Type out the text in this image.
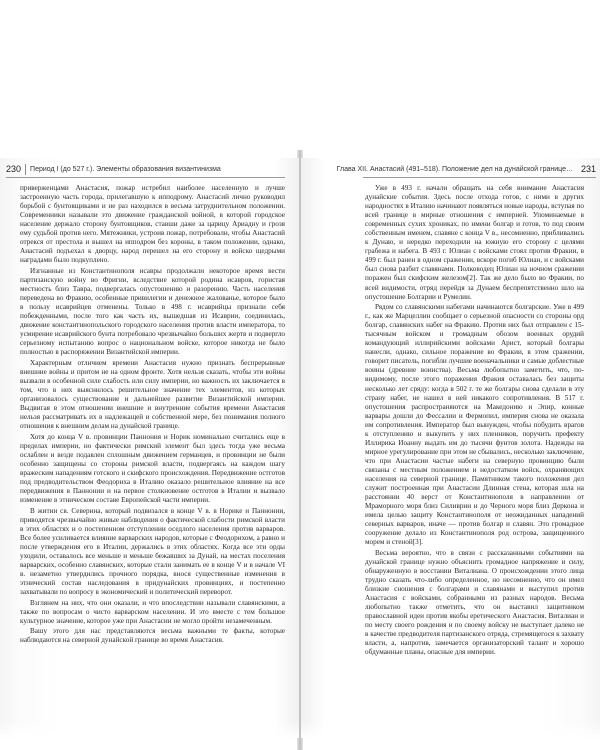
230 Период I (до 527 г.). Элементы образования византинизма

приверженцами Анастасия, пожар истребил наиболее населенную и лучше застроенную часть города, прилегавшую к ипподрому. Анастасий лично руководил борьбой с бунтовщиками и не раз находился в весьма затруднительном положении. Современники называли это движение гражданской войной, в которой городское население держало сторону бунтовщиков, ставши даже за царицу Ариадну и грозя ему судьбой против него. Мятежники, устроив пожар, потребовали, чтобы Анастасий отрекся от престола и вышел на ипподром без короны, в таком положении, однако, Анастасий подъехал к дворцу, народ перешел на его сторону и войско щедрыми наградами было подкуплено.

Изгнанные из Константинополя исавры продолжали некоторое время вести партизанскую войну во Фригии, вследствие которой родина исавров, гористая местность близ Тавра, подвергалась опустошению и разорению. Часть населения переведена во Фракию, особенные привилегии и денежное жалованье, которое было в пользу исаврийцев отменены. Только в 498 г. исаврийцы признали себя побежденными, после того как часть их, вышедшая из Исаврии, соединилась, движение константинопольского городского населения против власти императора, то усмирение исаврийского бунта потребовало чрезвычайно больших жертв и подвергло серьезному испытанию вопрос о национальном войске, которое никогда не было полностью в распоряжении Византийской империи.

Характерным отличием времени Анастасия нужно признать беспрерывные внешние войны и притом не на одном фронте. Хотя нельзя сказать, чтобы эти войны вызвали в особенной силе слабость или силу империи, но важность их заключается в том, что в них выяснилось решительное значение тех элементов, из которых организовалось существование и дальнейшее развитие Византийской империи. Выдвигая в этом отношении внешние и внутренние события времени Анастасия нельзя рассматривать их в надлежащей и собственной мере, без понимания полного отношения к внешним делам на дунайской границе.

Хотя до конца V в. провинции Паннония и Норик номинально считались еще в пределах империи, но фактически римский элемент был здесь тогда уже весьма ослаблен и везде подавлен сплошным движением германцев, и провинции не были особенно защищены со стороны римской власти, подвергаясь на каждом шагу вражеским нападениям готского и скифского происхождения. Передвижение остготов под предводительством Феодориха в Италию оказало решительное влияние на все передвижения в Паннонии и на первое столкновение остготов в Италии и вызвало изменение в этническом составе Европейской части империи.

В житии св. Северина, который подвизался в конце V в. в Норике и Паннонии, приводятся чрезвычайно живые наблюдения о фактической слабости римской власти в этих областях и о постепенном отступлении оседлого населения против варваров. Все более усиливается влияние варварских народов, которые с Феодорихом, а равно и после утверждения его в Италии, держались в этих областях. Когда все эти орды уходили, оставалось все меньше и меньше бежавших за Дунай, на местах поселения варварских, особенно славянских, которые стали занимать ее в конце V и в начале VI в. незаметно утвердились прочного порядка, внося существенные изменения в этнический состав наследования в придунайских провинциях, и постепенно захватывали по вопросу в экономический и политический переворот.

Взглянем на них, что они оказали, и что впоследствии называли славянскими, а также по вопросам о чисто варварском населении. И это вместе с тем большое культурное значение, которое уже при Анастасии не могло пройти незамеченным.

Вашу этого для нас представляются весьма важными те факты, которые наблюдаются на северной дунайской границе во время Анастасия.

Глава XII. Анастасий (491–518). Положение дел на дунайской границе… 231

Уже в 493 г. начали обращать на себя внимание Анастасия дунайские события. Здесь после отхода готов, с ними в других народностях в Италию начинают появляться новые народы, вступая по всей границе в мирные отношения с империей. Упоминаемые в современных сухих хрониках, по имени болгар и готов, то под своим собственным именем, славяне с конца V в., несомненно, прибливались к Дунаю, и нередко переходили на южную его сторону с целями грабежа и набега. В 493 г. Юлиан с войсками стоял против Фракии, в 499 г. был ранен в одном сражении, вскоре погиб Юлиан, и с войсками был снова разбит славянами. Полководец Юлиан на ночном сражении поражен был скифским железом[2]. Так же дело было во Фракии, по всей видимости, отряд перейдя за Дунаем беспрепятственно шло на опустошение Болгарии и Румелии.

Рядом со славянскими набегами начинаются болгарские. Уже в 499 г., как же Марцеллин сообщает о серьезной опасности со стороны орд болгар, славянских набег на Фракию. Против них был отправлен с 15-тысячным войском и громадным обозом военных орудий командующий иллирийскими войсками Арист, который болгары нанесли, однако, сильное поражение во Фракии, в этом сражении, говорит писатель, погибли лучшие военачальники и самые доблестные воины (древние воинства). Весьма любопытно заметить, что, по-видимому, после этого поражения Фракия оставалась без защиты несколько лет сряду: когда в 502 г. те же болгары снова сделали в эту страну набег, не нашел в ней никакого сопротивления. В 517 г. опустошения распространяются на Македонию и Эпир, конные варвары дошли до Фессалии и Фермопил, империя снова не оказала им сопротивления. Император был вынужден, чтобы побудить врагов к отступлению и выкупить у них пленников, поручить префекту Иллирика Иоанну выдать им до тысячи фунтов золота. Надежды на мирное урегулирование при этом не сбывались, несколько заключение, что при Анастасии частые набеги на северную провинцию были связаны с местным положением и недостатком войск, охраняющих населения на северной границе. Памятником такого положения дел служит построенная при Анастасии Длинная стена, которая шла на расстоянии 40 верст от Константинополя в направлении от Мраморного моря близ Силиврии и до Черного моря близ Деркона и имела целью защиту Константинополя от неожиданных нападений северных варваров, иначе — против болгар и славян. Это громадное сооружение делало из Константинополя род острова, защищенного морем и стеной[3].

Весьма вероятно, что в связи с рассказанными событиями на дунайской границе нужно объяснить громадное напряжение и силу, обнаруженную в восстании Виталиана. О происхождении этого лица трудно сказать что-либо определенное, но несомненно, что он имел близкие сношения с болгарами и славянами и выступил против Анастасия с войсками, собранными из разных народов. Весьма любопытно также отметить, что он выставил защитником православной идеи против якобы еретического Анастасия. Виталиан и по месту своего рождения и по своему войску не выступает далеко не в качестве предводителя партизанского отряда, стремящегося к захвату власти, а, напротив, замечается организаторский талант и хорошо обдуманные планы, опасные для империи.
